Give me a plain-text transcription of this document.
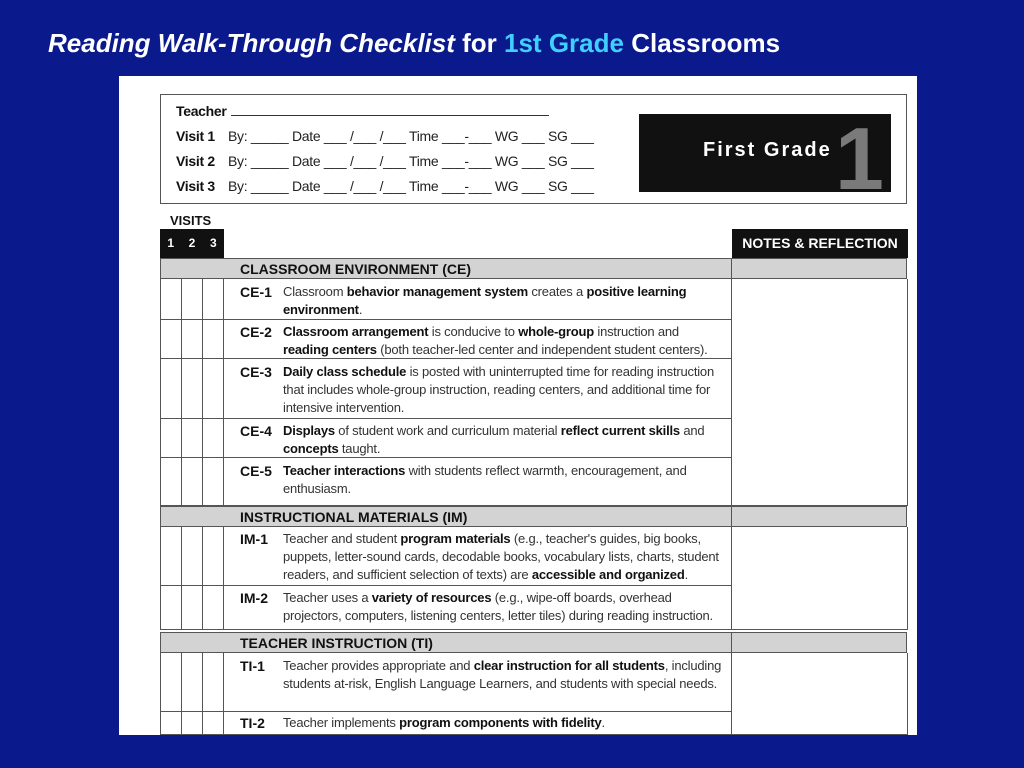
Reading Walk-Through Checklist for 1st Grade Classrooms
Teacher
Visit 1 By: _____ Date ___ /___ /___ Time ___-___ WG ___ SG ___
Visit 2 By: _____ Date ___ /___ /___ Time ___-___ WG ___ SG ___
Visit 3 By: _____ Date ___ /___ /___ Time ___-___ WG ___ SG ___
First Grade 1
VISITS
1	2	3	NOTES & REFLECTION
CLASSROOM ENVIRONMENT (CE)
CE-1 Classroom behavior management system creates a positive learning environment.
CE-2 Classroom arrangement is conducive to whole-group instruction and reading centers (both teacher-led center and independent student centers).
CE-3 Daily class schedule is posted with uninterrupted time for reading instruction that includes whole-group instruction, reading centers, and additional time for intensive intervention.
CE-4 Displays of student work and curriculum material reflect current skills and concepts taught.
CE-5 Teacher interactions with students reflect warmth, encouragement, and enthusiasm.
INSTRUCTIONAL MATERIALS (IM)
IM-1 Teacher and student program materials (e.g., teacher's guides, big books, puppets, letter-sound cards, decodable books, vocabulary lists, charts, student readers, and sufficient selection of texts) are accessible and organized.
IM-2 Teacher uses a variety of resources (e.g., wipe-off boards, overhead projectors, computers, listening centers, letter tiles) during reading instruction.
TEACHER INSTRUCTION (TI)
TI-1 Teacher provides appropriate and clear instruction for all students, including students at-risk, English Language Learners, and students with special needs.
TI-2 Teacher implements program components with fidelity.
